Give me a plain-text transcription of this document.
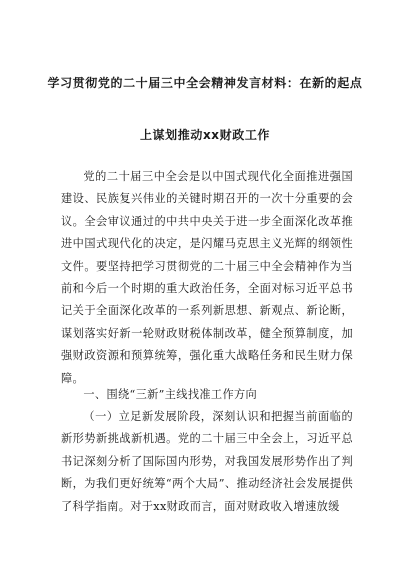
学习贯彻党的二十届三中全会精神发言材料：在新的起点
上谋划推动xx财政工作

党的二十届三中全会是以中国式现代化全面推进强国建设、民族复兴伟业的关键时期召开的一次十分重要的会议。全会审议通过的中共中央关于进一步全面深化改革推进中国式现代化的决定，是闪耀马克思主义光辉的纲领性文件。要坚持把学习贯彻党的二十届三中全会精神作为当前和今后一个时期的重大政治任务，全面对标习近平总书记关于全面深化改革的一系列新思想、新观点、新论断，谋划落实好新一轮财政财税体制改革，健全预算制度，加强财政资源和预算统筹，强化重大战略任务和民生财力保障。

一、围绕“三新”主线找准工作方向

（一）立足新发展阶段，深刻认识和把握当前面临的新形势新挑战新机遇。党的二十届三中全会上，习近平总书记深刻分析了国际国内形势，对我国发展形势作出了判断，为我们更好统筹“两个大局”、推动经济社会发展提供了科学指南。对于xx财政而言，面对财政收入增速放缓
